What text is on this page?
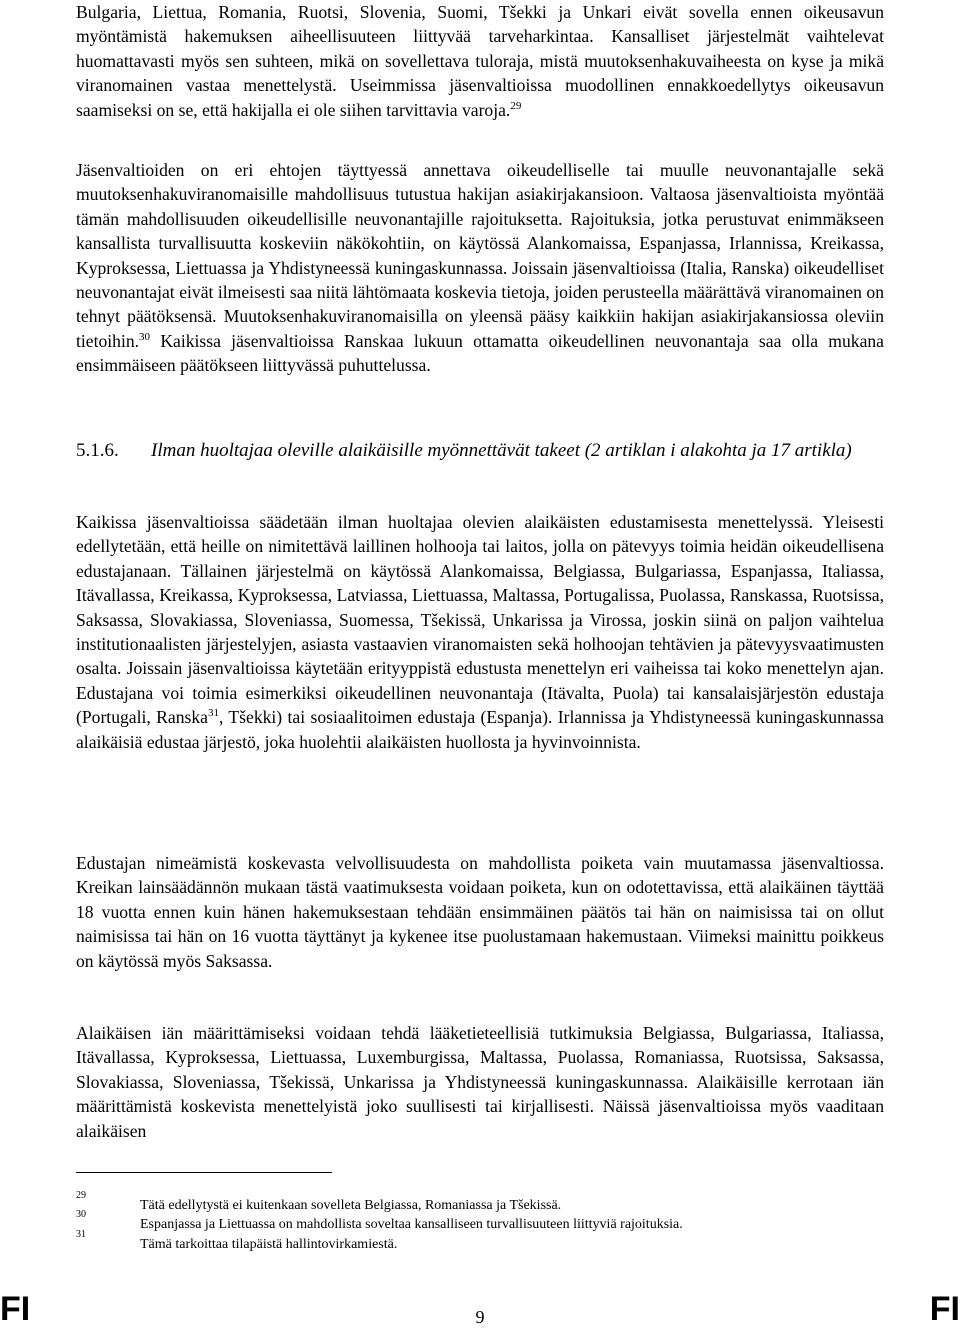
Bulgaria, Liettua, Romania, Ruotsi, Slovenia, Suomi, Tšekki ja Unkari eivät sovella ennen oikeusavun myöntämistä hakemuksen aiheellisuuteen liittyvää tarveharkintaa. Kansalliset järjestelmät vaihtelevat huomattavasti myös sen suhteen, mikä on sovellettava tuloraja, mistä muutoksenhakuvaiheesta on kyse ja mikä viranomainen vastaa menettelystä. Useimmissa jäsenvaltioissa muodollinen ennakkoedellytys oikeusavun saamiseksi on se, että hakijalla ei ole siihen tarvittavia varoja.$^{29}$

Jäsenvaltioiden on eri ehtojen täyttyessä annettava oikeudelliselle tai muulle neuvonantajalle sekä muutoksenhakuviranomaisille mahdollisuus tutustua hakijan asiakirjakansioon. Valtaosa jäsenvaltioista myöntää tämän mahdollisuuden oikeudellisille neuvonantajille rajoituksetta. Rajoituksia, jotka perustuvat enimmäkseen kansallista turvallisuutta koskeviin näkökohtiin, on käytössä Alankomaissa, Espanjassa, Irlannissa, Kreikassa, Kyproksessa, Liettuassa ja Yhdistyneessä kuningaskunnassa. Joissain jäsenvaltioissa (Italia, Ranska) oikeudelliset neuvonantajat eivät ilmeisesti saa niitä lähtömaata koskevia tietoja, joiden perusteella määrättävä viranomainen on tehnyt päätöksensä. Muutoksenhakuviranomaisilla on yleensä pääsy kaikkiin hakijan asiakirjakansiossa oleviin tietoihin.$^{30}$ Kaikissa jäsenvaltioissa Ranskaa lukuun ottamatta oikeudellinen neuvonantaja saa olla mukana ensimmäiseen päätökseen liittyvässä puhuttelussa.

5.1.6. Ilman huoltajaa oleville alaikäisille myönnettävät takeet (2 artiklan i alakohta ja 17 artikla)

Kaikissa jäsenvaltioissa säädetään ilman huoltajaa olevien alaikäisten edustamisesta menettelyssä. Yleisesti edellytetään, että heille on nimitettävä laillinen holhooja tai laitos, jolla on pätevyys toimia heidän oikeudellisena edustajanaan. Tällainen järjestelmä on käytössä Alankomaissa, Belgiassa, Bulgariassa, Espanjassa, Italiassa, Itävallassa, Kreikassa, Kyproksessa, Latviassa, Liettuassa, Maltassa, Portugalissa, Puolassa, Ranskassa, Ruotsissa, Saksassa, Slovakiassa, Sloveniassa, Suomessa, Tšekissä, Unkarissa ja Virossa, joskin siinä on paljon vaihtelua institutionaalisten järjestelyjen, asiasta vastaavien viranomaisten sekä holhoojan tehtävien ja pätevyysvaatimusten osalta. Joissain jäsenvaltioissa käytetään erityyppistä edustusta menettelyn eri vaiheissa tai koko menettelyn ajan. Edustajana voi toimia esimerkiksi oikeudellinen neuvonantaja (Itävalta, Puola) tai kansalaisjärjestön edustaja (Portugali, Ranska$^{31}$, Tšekki) tai sosiaalitoimen edustaja (Espanja). Irlannissa ja Yhdistyneessä kuningaskunnassa alaikäisiä edustaa järjestö, joka huolehtii alaikäisten huollosta ja hyvinvoinnista.

Edustajan nimeämistä koskevasta velvollisuudesta on mahdollista poiketa vain muutamassa jäsenvaltiossa. Kreikan lainsäädännön mukaan tästä vaatimuksesta voidaan poiketa, kun on odotettavissa, että alaikäinen täyttää 18 vuotta ennen kuin hänen hakemuksestaan tehdään ensimmäinen päätös tai hän on naimisissa tai on ollut naimisissa tai hän on 16 vuotta täyttänyt ja kykenee itse puolustamaan hakemustaan. Viimeksi mainittu poikkeus on käytössä myös Saksassa.

Alaikäisen iän määrittämiseksi voidaan tehdä lääketieteellisiä tutkimuksia Belgiassa, Bulgariassa, Italiassa, Itävallassa, Kyproksessa, Liettuassa, Luxemburgissa, Maltassa, Puolassa, Romaniassa, Ruotsissa, Saksassa, Slovakiassa, Sloveniassa, Tšekissä, Unkarissa ja Yhdistyneessä kuningaskunnassa. Alaikäisille kerrotaan iän määrittämistä koskevista menettelyistä joko suullisesti tai kirjallisesti. Näissä jäsenvaltioissa myös vaaditaan alaikäisen

29
Tätä edellytystä ei kuitenkaan sovelleta Belgiassa, Romaniassa ja Tšekissä.
30
Espanjassa ja Liettuassa on mahdollista soveltaa kansalliseen turvallisuuteen liittyviä rajoituksia.
31
Tämä tarkoittaa tilapäistä hallintovirkamiestä.
FI	9	FI
